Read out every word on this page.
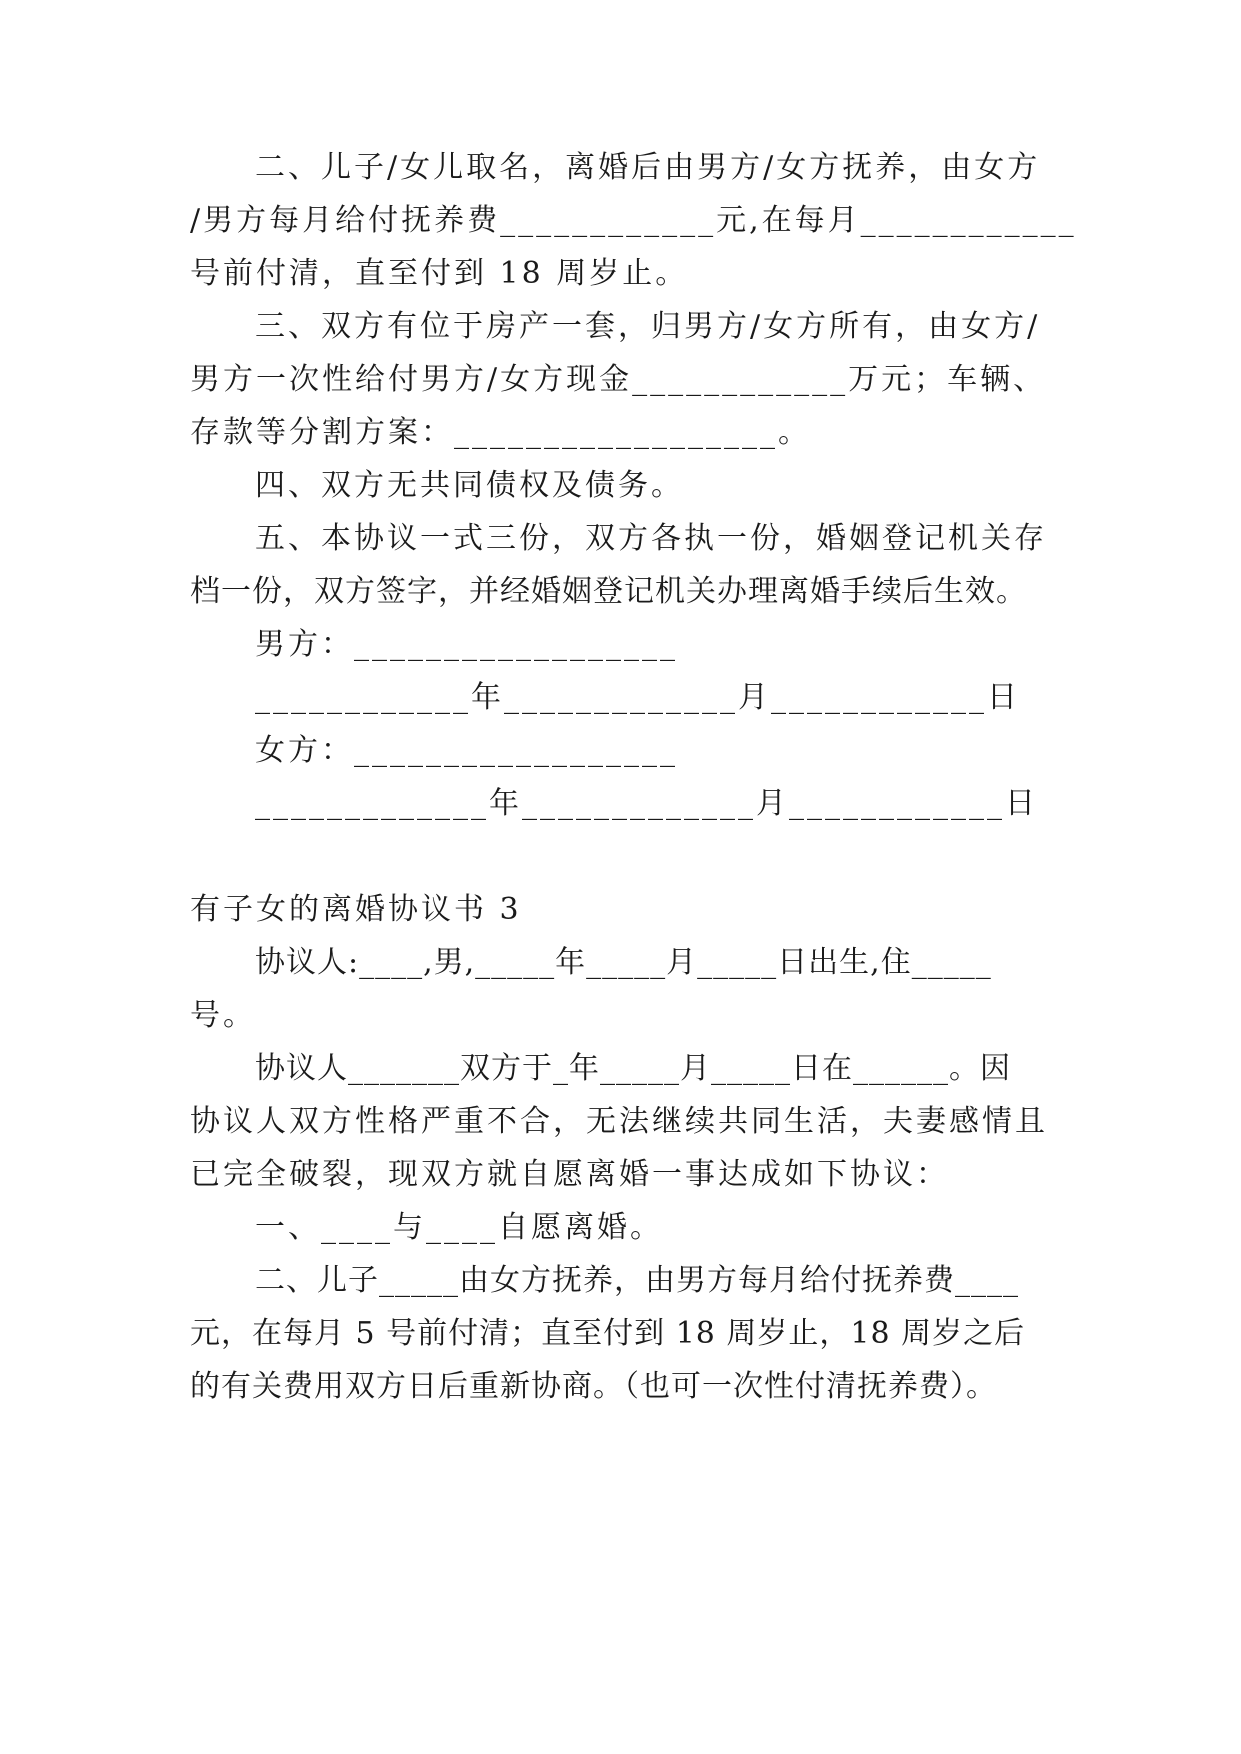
二、儿子/女儿取名，离婚后由男方/女方抚养，由女方
/男方每月给付抚养费____________元,在每月____________
号前付清，直至付到 18 周岁止。
三、双方有位于房产一套，归男方/女方所有，由女方/
男方一次性给付男方/女方现金____________万元；车辆、
存款等分割方案：__________________。
四、双方无共同债权及债务。
五、本协议一式三份，双方各执一份，婚姻登记机关存
档一份，双方签字，并经婚姻登记机关办理离婚手续后生效。
男方：__________________
____________年_____________月____________日
女方：__________________
_____________年_____________月____________日
有子女的离婚协议书 3
协议人:____,男,_____年_____月_____日出生,住_____
号。
协议人_______双方于_年_____月_____日在______。因
协议人双方性格严重不合，无法继续共同生活，夫妻感情且
已完全破裂，现双方就自愿离婚一事达成如下协议：
一、____与____自愿离婚。
二、儿子_____由女方抚养，由男方每月给付抚养费____
元，在每月 5 号前付清；直至付到 18 周岁止，18 周岁之后
的有关费用双方日后重新协商。（也可一次性付清抚养费）。
